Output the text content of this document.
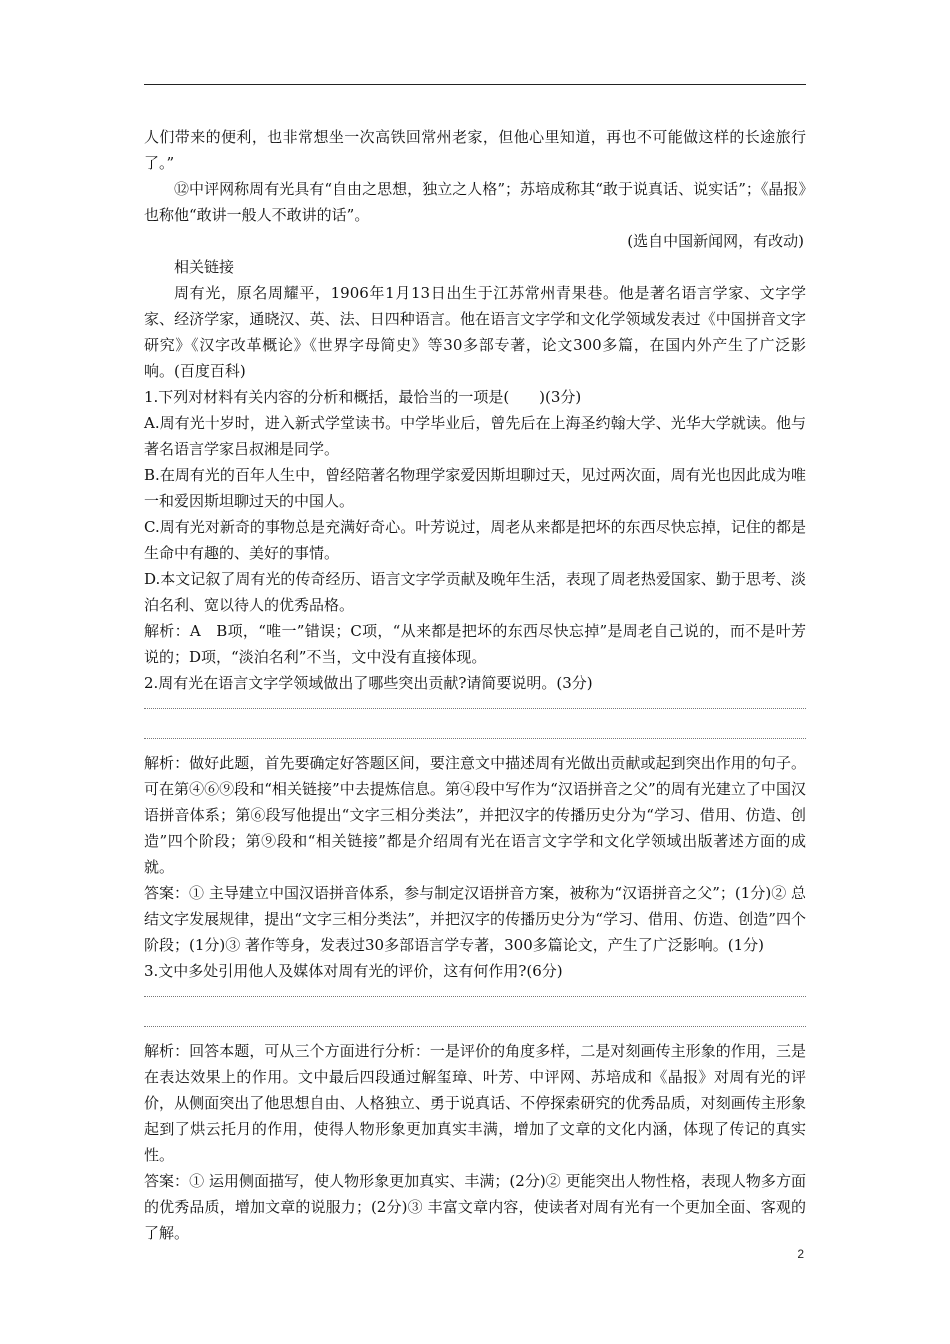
人们带来的便利，也非常想坐一次高铁回常州老家，但他心里知道，再也不可能做这样的长途旅行了。”

⑫中评网称周有光具有“自由之思想，独立之人格”；苏培成称其“敢于说真话、说实话”；《晶报》也称他“敢讲一般人不敢讲的话”。

(选自中国新闻网，有改动)

相关链接

周有光，原名周耀平，1906年1月13日出生于江苏常州青果巷。他是著名语言学家、文字学家、经济学家，通晓汉、英、法、日四种语言。他在语言文字学和文化学领域发表过《中国拼音文字研究》《汉字改革概论》《世界字母简史》等30多部专著，论文300多篇，在国内外产生了广泛影响。(百度百科)

1.下列对材料有关内容的分析和概括，最恰当的一项是(　　)(3分)

A.周有光十岁时，进入新式学堂读书。中学毕业后，曾先后在上海圣约翰大学、光华大学就读。他与著名语言学家吕叔湘是同学。

B.在周有光的百年人生中，曾经陪著名物理学家爱因斯坦聊过天，见过两次面，周有光也因此成为唯一和爱因斯坦聊过天的中国人。

C.周有光对新奇的事物总是充满好奇心。叶芳说过，周老从来都是把坏的东西尽快忘掉，记住的都是生命中有趣的、美好的事情。

D.本文记叙了周有光的传奇经历、语言文字学贡献及晚年生活，表现了周老热爱国家、勤于思考、淡泊名利、宽以待人的优秀品格。

解析：A　B项，“唯一”错误；C项，“从来都是把坏的东西尽快忘掉”是周老自己说的，而不是叶芳说的；D项，“淡泊名利”不当，文中没有直接体现。

2.周有光在语言文字学领域做出了哪些突出贡献?请简要说明。(3分)

解析：做好此题，首先要确定好答题区间，要注意文中描述周有光做出贡献或起到突出作用的句子。可在第④⑥⑨段和“相关链接”中去提炼信息。第④段中写作为“汉语拼音之父”的周有光建立了中国汉语拼音体系；第⑥段写他提出“文字三相分类法”，并把汉字的传播历史分为“学习、借用、仿造、创造”四个阶段；第⑨段和“相关链接”都是介绍周有光在语言文字学和文化学领域出版著述方面的成就。

答案：① 主导建立中国汉语拼音体系，参与制定汉语拼音方案，被称为“汉语拼音之父”；(1分)② 总结文字发展规律，提出“文字三相分类法”，并把汉字的传播历史分为“学习、借用、仿造、创造”四个阶段；(1分)③ 著作等身，发表过30多部语言学专著，300多篇论文，产生了广泛影响。(1分)

3.文中多处引用他人及媒体对周有光的评价，这有何作用?(6分)

解析：回答本题，可从三个方面进行分析：一是评价的角度多样，二是对刻画传主形象的作用，三是在表达效果上的作用。文中最后四段通过解玺璋、叶芳、中评网、苏培成和《晶报》对周有光的评价，从侧面突出了他思想自由、人格独立、勇于说真话、不停探索研究的优秀品质，对刻画传主形象起到了烘云托月的作用，使得人物形象更加真实丰满，增加了文章的文化内涵，体现了传记的真实性。

答案：① 运用侧面描写，使人物形象更加真实、丰满；(2分)② 更能突出人物性格，表现人物多方面的优秀品质，增加文章的说服力；(2分)③ 丰富文章内容，使读者对周有光有一个更加全面、客观的了解。

2
